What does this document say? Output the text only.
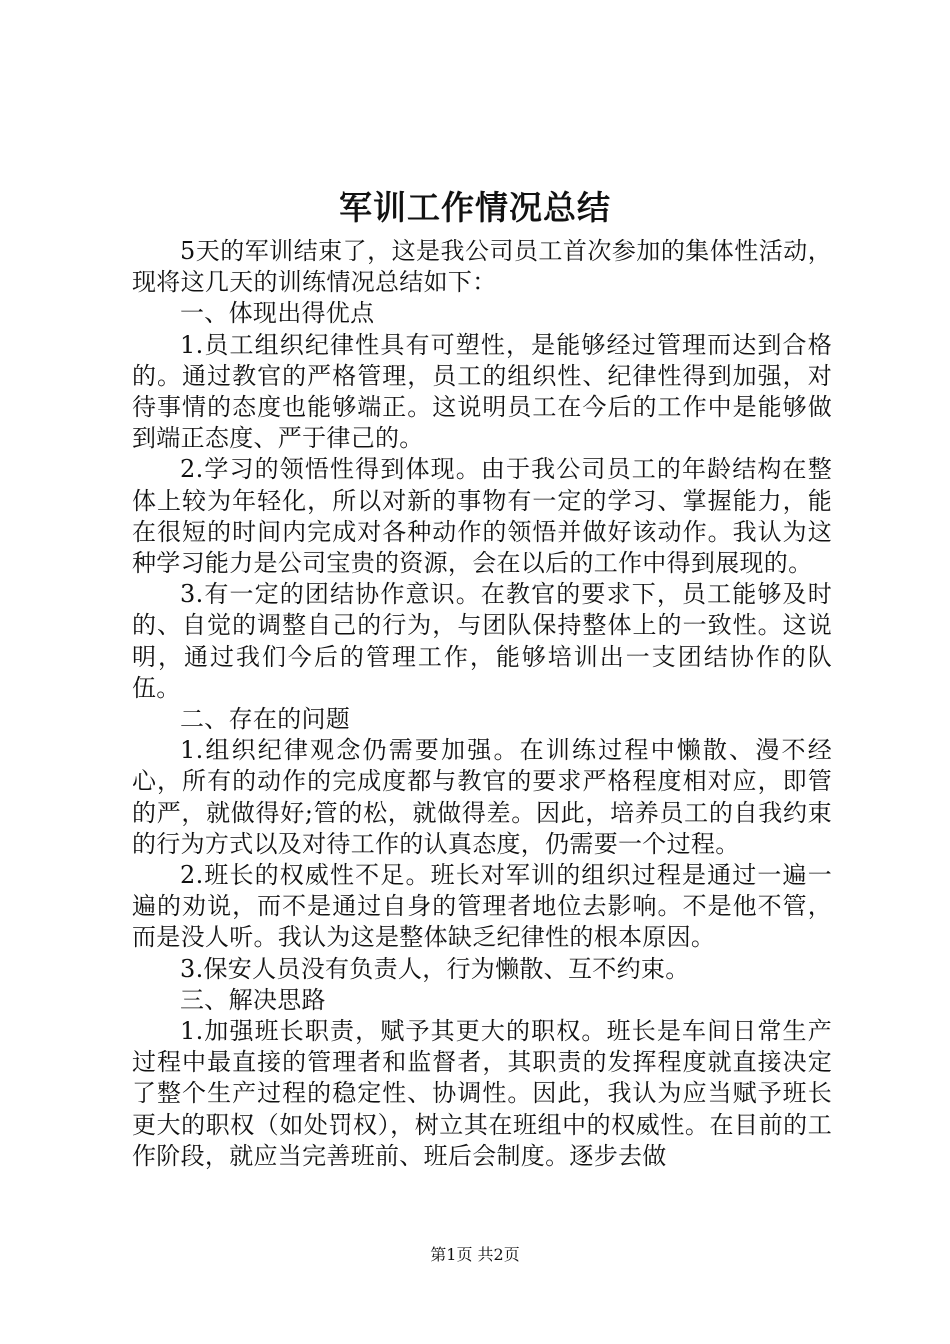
军训工作情况总结

5天的军训结束了，这是我公司员工首次参加的集体性活动，现将这几天的训练情况总结如下：

一、体现出得优点

1.员工组织纪律性具有可塑性，是能够经过管理而达到合格的。通过教官的严格管理，员工的组织性、纪律性得到加强，对待事情的态度也能够端正。这说明员工在今后的工作中是能够做到端正态度、严于律己的。

2.学习的领悟性得到体现。由于我公司员工的年龄结构在整体上较为年轻化，所以对新的事物有一定的学习、掌握能力，能在很短的时间内完成对各种动作的领悟并做好该动作。我认为这种学习能力是公司宝贵的资源，会在以后的工作中得到展现的。

3.有一定的团结协作意识。在教官的要求下，员工能够及时的、自觉的调整自己的行为，与团队保持整体上的一致性。这说明，通过我们今后的管理工作，能够培训出一支团结协作的队伍。

二、存在的问题

1.组织纪律观念仍需要加强。在训练过程中懒散、漫不经心，所有的动作的完成度都与教官的要求严格程度相对应，即管的严，就做得好;管的松，就做得差。因此，培养员工的自我约束的行为方式以及对待工作的认真态度，仍需要一个过程。

2.班长的权威性不足。班长对军训的组织过程是通过一遍一遍的劝说，而不是通过自身的管理者地位去影响。不是他不管，而是没人听。我认为这是整体缺乏纪律性的根本原因。

3.保安人员没有负责人，行为懒散、互不约束。

三、解决思路

1.加强班长职责，赋予其更大的职权。班长是车间日常生产过程中最直接的管理者和监督者，其职责的发挥程度就直接决定了整个生产过程的稳定性、协调性。因此，我认为应当赋予班长更大的职权（如处罚权），树立其在班组中的权威性。在目前的工作阶段，就应当完善班前、班后会制度。逐步去做

第1页 共2页
